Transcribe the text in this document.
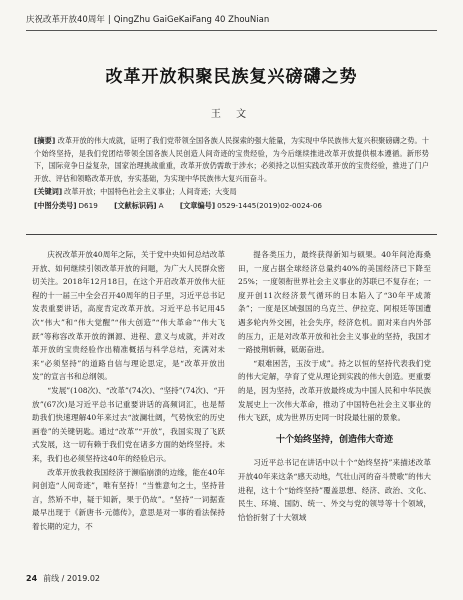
庆祝改革开放40周年 | QingZhu GaiGeKaiFang 40 ZhouNian
改革开放积聚民族复兴磅礴之势
王 文
[摘要] 改革开放的伟大成就，证明了我们党带领全国各族人民探索的强大能量，为实现中华民族伟大复兴积聚磅礴之势。十个始终坚持，是我们党团结带领全国各族人民创造人间奇迹的宝贵经验，为今后继续推进改革开放提供根本遵循。新形势下，国际竞争日益复杂，国家治理挑战重重，改革开放仍需敢于涉水；必须持之以恒实践改革开放的宝贵经验，推进了门户开放、评估和领略改革开放，夯实基础，为实现中华民族伟大复兴而奋斗。
[关键词] 改革开放；中国特色社会主义事业；人间奇迹；大变局
[中图分类号] D619 [文献标识码] A [文章编号] 0529-1445(2019)02-0024-06

庆祝改革开放40周年之际，关于党中央如何总结改革开放、如何继续引领改革开放的问题，为广大人民群众密切关注。2018年12月18日，在这个开启改革开放伟大征程的十一届三中全会召开40周年的日子里，习近平总书记发表重要讲话，高度肯定改革开放。习近平总书记用45次“伟大”和“伟大觉醒”“伟大创造”“伟大革命”“伟大飞跃”等称容改革开放的渊源、进程、意义与成就，并对改革开放的宝贵经验作出精准概括与科学总结，充满对未来“必须坚持”的道路自信与理论思定，是“改革开放出发”的宣言书和总纲领。

“发展”(108次)、“改革”(74次)、“坚持”(74次)、“开放”(67次)是习近平总书记重要讲话的高频词汇，也是帮助我们快速理解40年来过去“波澜壮阔，气势恢宏的历史画卷”的关键钥匙。通过“改革”“开放”，我国实现了飞跃式发展，这一切有赖于我们党在诸多方面的始终坚持。未来，我们也必须坚持这40年的经验启示。

改革开放我救我国经济于濒临崩溃的边缘，能在40年间创造“人间奇迹”，唯有坚持！“当惟意句之士，坚持昔言，然矫不申，疑于知新，果于仍故”。“坚持”一词据查最早出现于《新唐书·元德传》，意思是对一事的看法保持着长期的定力，不

提各类压力，最终获得新知与硕果。40年间沧海桑田，一度占据全球经济总量约40%的美国经济已下降至25%；一度领衔世界社会主义事业的苏联已不复存在；一度开创11次经济景气循环的日本陷入了“30年平成萧条”；一度是区域强国的乌克兰、伊拉克、阿根廷等国遭遇多轮内外交困，社会失序，经济危机。面对来自内外部的压力，正是对改革开放和社会主义事业的坚持，我国才一路披荆斩棘，砥砺奋进。

“艰难困苦，玉汝于成”。持之以恒的坚持代表我们党的伟大定解，孕育了党从理论到实践的伟大创造。更重要的是，因为坚持，改革开放最终成为中国人民和中华民族发展史上一次伟大革命，推动了中国特色社会主义事业的伟大飞跃，成为世界历史同一时段最壮丽的景象。

十个始终坚持，创造伟大奇迹

习近平总书记在讲话中以十个“始终坚持”来描述改革开放40年来这条“感天动地，气壮山河的奋斗赞歌”的伟大进程，这十个“始终坚持”覆盖思想、经济、政治、文化、民生、环境、国防、统一、外交与党的领导等十个领域，恰恰折射了十大领域

24 前线 / 2019.02
